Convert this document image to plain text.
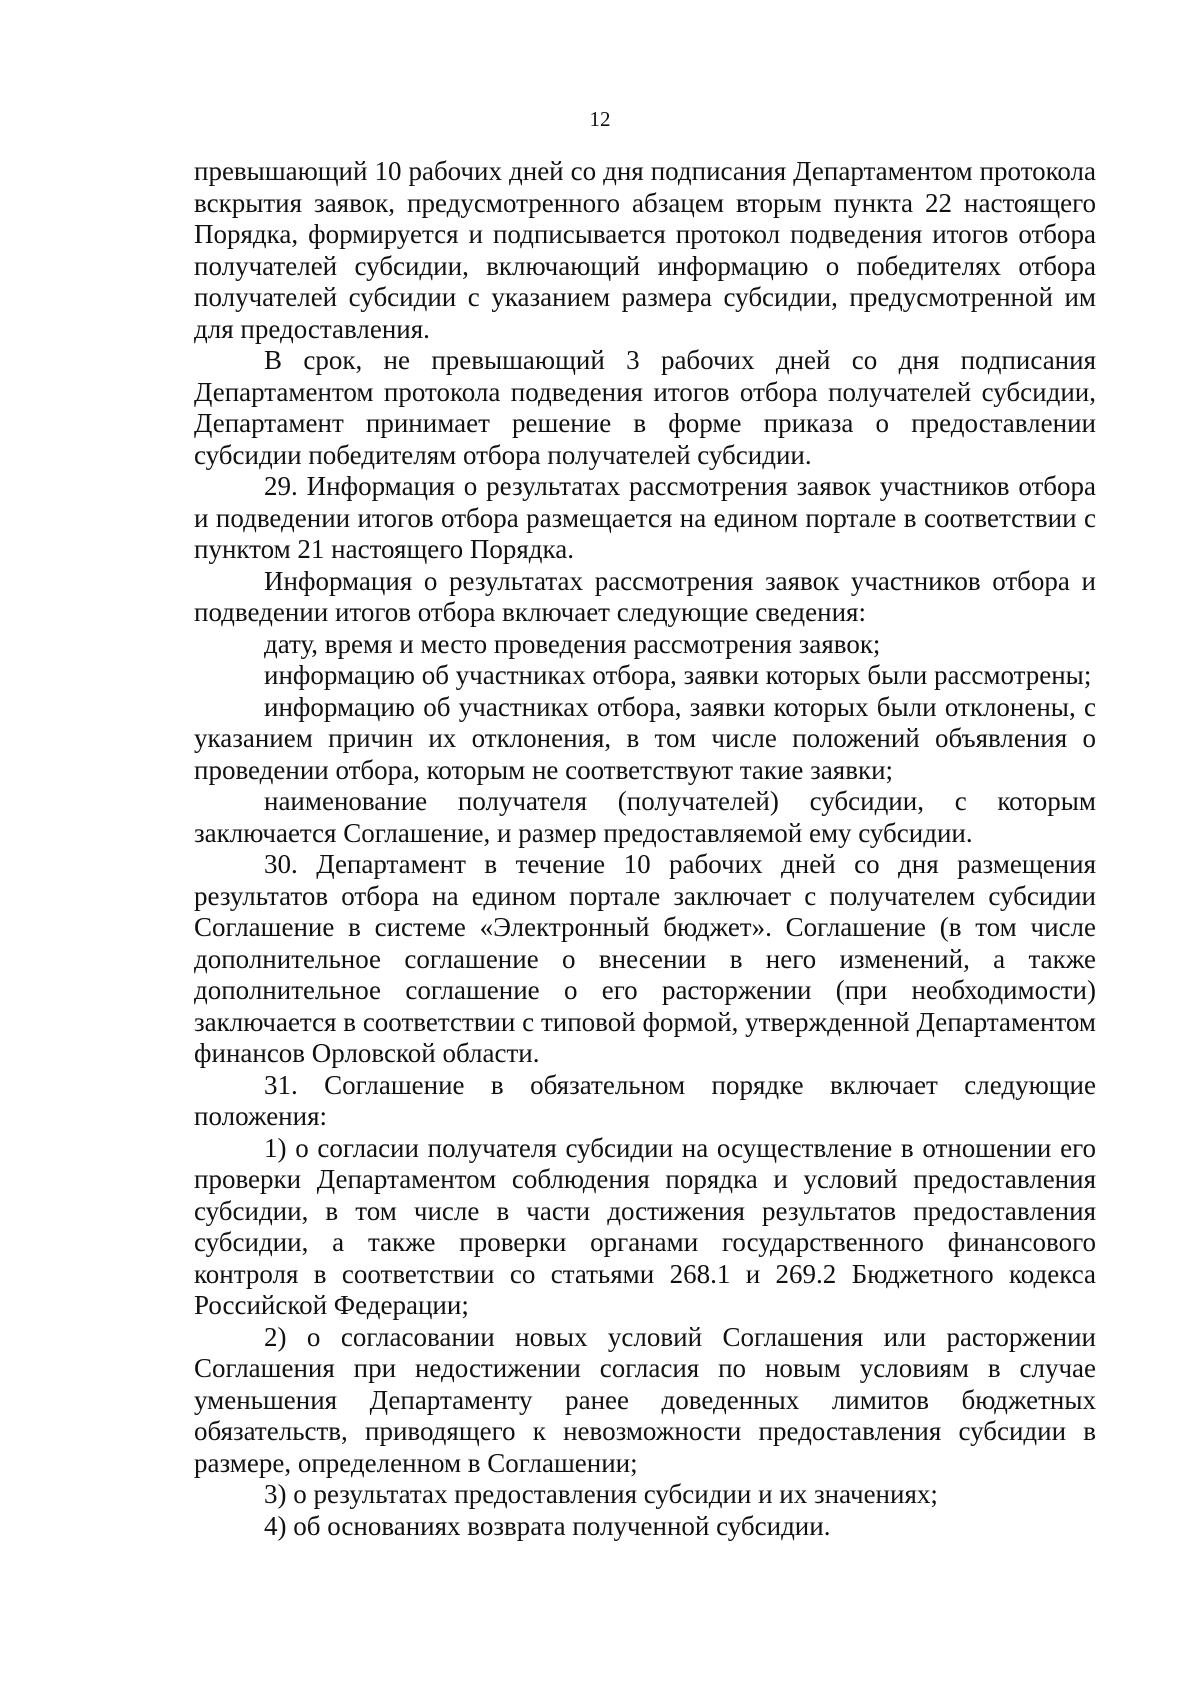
12

превышающий 10 рабочих дней со дня подписания Департаментом протокола вскрытия заявок, предусмотренного абзацем вторым пункта 22 настоящего Порядка, формируется и подписывается протокол подведения итогов отбора получателей субсидии, включающий информацию о победителях отбора получателей субсидии с указанием размера субсидии, предусмотренной им для предоставления.

В срок, не превышающий 3 рабочих дней со дня подписания Департаментом протокола подведения итогов отбора получателей субсидии, Департамент принимает решение в форме приказа о предоставлении субсидии победителям отбора получателей субсидии.

29. Информация о результатах рассмотрения заявок участников отбора и подведении итогов отбора размещается на едином портале в соответствии с пунктом 21 настоящего Порядка.

Информация о результатах рассмотрения заявок участников отбора и подведении итогов отбора включает следующие сведения:

дату, время и место проведения рассмотрения заявок;

информацию об участниках отбора, заявки которых были рассмотрены;

информацию об участниках отбора, заявки которых были отклонены, с указанием причин их отклонения, в том числе положений объявления о проведении отбора, которым не соответствуют такие заявки;

наименование получателя (получателей) субсидии, с которым заключается Соглашение, и размер предоставляемой ему субсидии.

30. Департамент в течение 10 рабочих дней со дня размещения результатов отбора на едином портале заключает с получателем субсидии Соглашение в системе «Электронный бюджет». Соглашение (в том числе дополнительное соглашение о внесении в него изменений, а также дополнительное соглашение о его расторжении (при необходимости) заключается в соответствии с типовой формой, утвержденной Департаментом финансов Орловской области.

31. Соглашение в обязательном порядке включает следующие положения:

1) о согласии получателя субсидии на осуществление в отношении его проверки Департаментом соблюдения порядка и условий предоставления субсидии, в том числе в части достижения результатов предоставления субсидии, а также проверки органами государственного финансового контроля в соответствии со статьями 268.1 и 269.2 Бюджетного кодекса Российской Федерации;

2) о согласовании новых условий Соглашения или расторжении Соглашения при недостижении согласия по новым условиям в случае уменьшения Департаменту ранее доведенных лимитов бюджетных обязательств, приводящего к невозможности предоставления субсидии в размере, определенном в Соглашении;

3) о результатах предоставления субсидии и их значениях;

4) об основаниях возврата полученной субсидии.
